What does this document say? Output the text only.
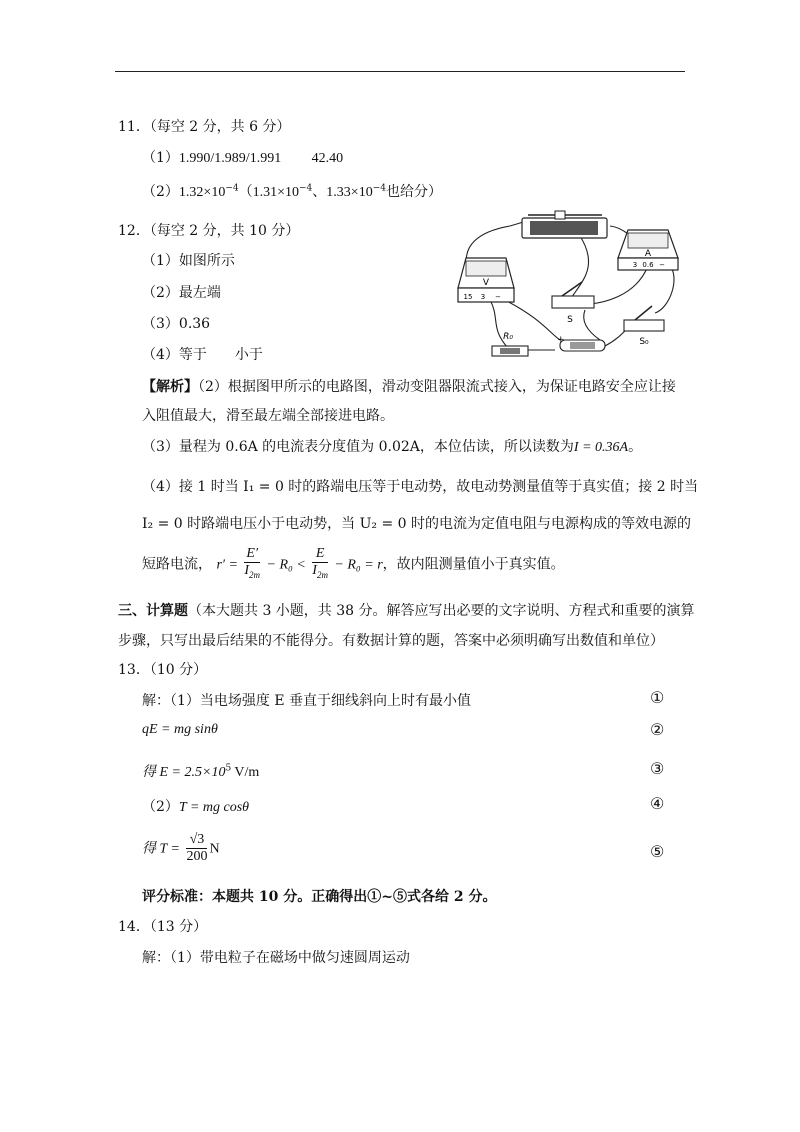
11．（每空 2 分，共 6 分）
（1）1.990/1.989/1.991 42.40
$(2)1.32\times 10^{-4}(1.31\times 10^{-4}$、$1.33\times 10^{-4}$也给分）
12．（每空 2 分，共 10 分）
（1）如图所示
（2）最左端
（3）0.36
（4）等于 小于
A
3 0.6 −
V
15 3 −
S
S₀
+
R₀
【解析】（2）根据图甲所示的电路图，滑动变阻器限流式接入，为保证电路安全应让接
入阻值最大，滑至最左端全部接进电路。
（3）量程为 0.6A 的电流表分度值为 0.02A，本位估读，所以读数为I = 0.36A。
（4）接 1 时当 I₁ = 0 时的路端电压等于电动势，故电动势测量值等于真实值；接 2 时当
I₂ = 0 时路端电压小于电动势，当 U₂ = 0 时的电流为定值电阻与电源构成的等效电源的
短路电流， $r' = \frac{E'}{I_{2m}} - R_0 < \frac{E}{I_{2m}} - R_0 = r$，故内阻测量值小于真实值。
三、计算题（本大题共 3 小题，共 38 分。解答应写出必要的文字说明、方程式和重要的演算
步骤，只写出最后结果的不能得分。有数据计算的题，答案中必须明确写出数值和单位）
13．（10 分）
解：（1）当电场强度 E 垂直于细线斜向上时有最小值	①
qE = mg sinθ	②
得 $E = 2.5\times 10^5$ V/m	③
（2）T = mg cosθ	④
得 $T = \frac{√3}{200}$ N	⑤
评分标准：本题共 10 分。正确得出①~⑤式各给 2 分。
14．（13 分）
解：（1）带电粒子在磁场中做匀速圆周运动
